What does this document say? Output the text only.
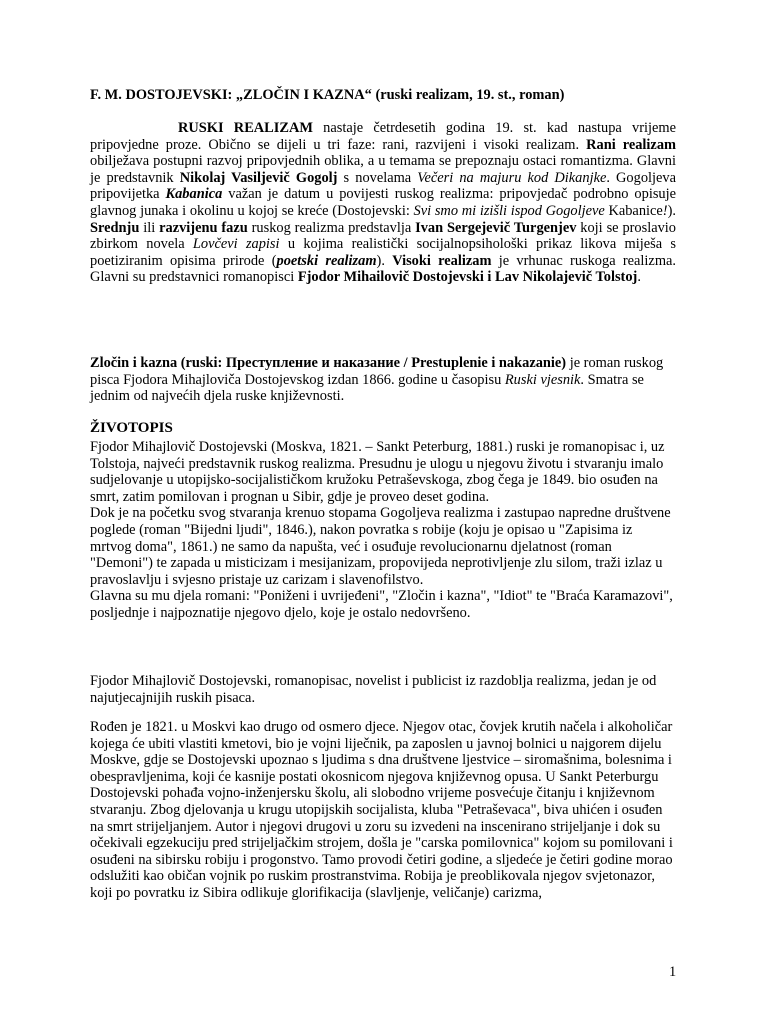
F. M. DOSTOJEVSKI: „ZLOČIN I KAZNA“ (ruski realizam, 19. st., roman)

RUSKI REALIZAM nastaje četrdesetih godina 19. st. kad nastupa vrijeme pripovjedne proze. Obično se dijeli u tri faze: rani, razvijeni i visoki realizam. Rani realizam obilježava postupni razvoj pripovjednih oblika, a u temama se prepoznaju ostaci romantizma. Glavni je predstavnik Nikolaj Vasiljevič Gogolj s novelama Večeri na majuru kod Dikanjke. Gogoljeva pripovijetka Kabanica važan je datum u povijesti ruskog realizma: pripovjedač podrobno opisuje glavnog junaka i okolinu u kojoj se kreće (Dostojevski: Svi smo mi izišli ispod Gogoljeve Kabanice!). Srednju ili razvijenu fazu ruskog realizma predstavlja Ivan Sergejevič Turgenjev koji se proslavio zbirkom novela Lovčevi zapisi u kojima realistički socijalnopsihološki prikaz likova miješa s poetiziranim opisima prirode (poetski realizam). Visoki realizam je vrhunac ruskoga realizma. Glavni su predstavnici romanopisci Fjodor Mihailovič Dostojevski i Lav Nikolajevič Tolstoj.

Zločin i kazna (ruski: Преступление и наказание / Prestuplenie i nakazanie) je roman ruskog pisca Fjodora Mihajloviča Dostojevskog izdan 1866. godine u časopisu Ruski vjesnik. Smatra se jednim od najvećih djela ruske književnosti.

ŽIVOTOPIS

Fjodor Mihajlovič Dostojevski (Moskva, 1821. – Sankt Peterburg, 1881.) ruski je romanopisac i, uz Tolstoja, najveći predstavnik ruskog realizma. Presudnu je ulogu u njegovu životu i stvaranju imalo sudjelovanje u utopijsko-socijalističkom kružoku Petraševskoga, zbog čega je 1849. bio osuđen na smrt, zatim pomilovan i prognan u Sibir, gdje je proveo deset godina.
Dok je na početku svog stvaranja krenuo stopama Gogoljeva realizma i zastupao napredne društvene poglede (roman "Bijedni ljudi", 1846.), nakon povratka s robije (koju je opisao u "Zapisima iz mrtvog doma", 1861.) ne samo da napušta, već i osuđuje revolucionarnu djelatnost (roman "Demoni") te zapada u misticizam i mesijanizam, propovijeda neprotivljenje zlu silom, traži izlaz u pravoslavlju i svjesno pristaje uz carizam i slavenofilstvo.
Glavna su mu djela romani: "Poniženi i uvrijeđeni", "Zločin i kazna", "Idiot" te "Braća Karamazovi", posljednje i najpoznatije njegovo djelo, koje je ostalo nedovršeno.

Fjodor Mihajlovič Dostojevski, romanopisac, novelist i publicist iz razdoblja realizma, jedan je od najutjecajnijih ruskih pisaca.

Rođen je 1821. u Moskvi kao drugo od osmero djece. Njegov otac, čovjek krutih načela i alkoholičar kojega će ubiti vlastiti kmetovi, bio je vojni liječnik, pa zaposlen u javnoj bolnici u najgorem dijelu Moskve, gdje se Dostojevski upoznao s ljudima s dna društvene ljestvice – siromašnima, bolesnima i obespravljenima, koji će kasnije postati okosnicom njegova književnog opusa. U Sankt Peterburgu Dostojevski pohađa vojno-inženjersku školu, ali slobodno vrijeme posvećuje čitanju i književnom stvaranju. Zbog djelovanja u krugu utopijskih socijalista, kluba "Petraševaca", biva uhićen i osuđen na smrt strijeljanjem. Autor i njegovi drugovi u zoru su izvedeni na inscenirano strijeljanje i dok su očekivali egzekuciju pred strijeljačkim strojem, došla je "carska pomilovnica" kojom su pomilovani i osuđeni na sibirsku robiju i progonstvo. Tamo provodi četiri godine, a sljedeće je četiri godine morao odslužiti kao običan vojnik po ruskim prostranstvima. Robija je preoblikovala njegov svjetonazor, koji po povratku iz Sibira odlikuje glorifikacija (slavljenje, veličanje) carizma,

1
